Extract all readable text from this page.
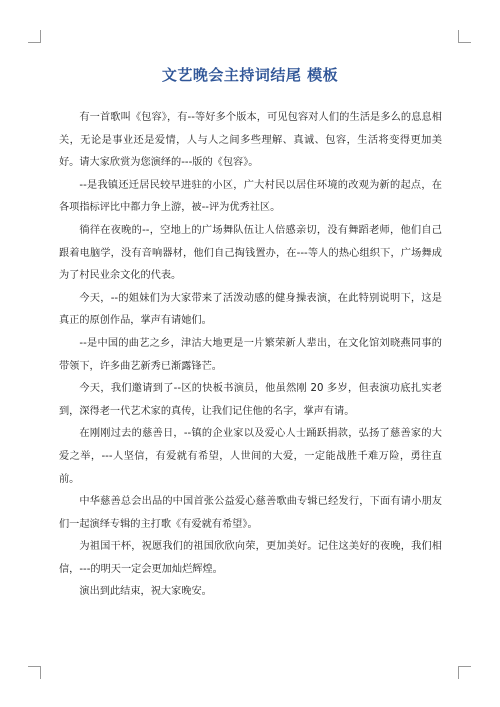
文艺晚会主持词结尾 模板

有一首歌叫《包容》，有--等好多个版本，可见包容对人们的生活是多么的息息相关，无论是事业还是爱情，人与人之间多些理解、真诚、包容，生活将变得更加美好。请大家欣赏为您演绎的---版的《包容》。

--是我镇还迁居民较早进驻的小区，广大村民以居住环境的改观为新的起点，在各项指标评比中都力争上游，被--评为优秀社区。

徜徉在夜晚的--，空地上的广场舞队伍让人倍感亲切，没有舞蹈老师，他们自己跟着电脑学，没有音响器材，他们自己掏钱置办，在---等人的热心组织下，广场舞成为了村民业余文化的代表。

今天，--的姐妹们为大家带来了活泼动感的健身操表演，在此特别说明下，这是真正的原创作品，掌声有请她们。

--是中国的曲艺之乡，津沽大地更是一片繁荣新人辈出，在文化馆刘晓燕同事的带领下，许多曲艺新秀已渐露锋芒。

今天，我们邀请到了--区的快板书演员，他虽然刚 20 多岁，但表演功底扎实老到，深得老一代艺术家的真传，让我们记住他的名字，掌声有请。

在刚刚过去的慈善日，--镇的企业家以及爱心人士踊跃捐款，弘扬了慈善家的大爱之举，---人坚信，有爱就有希望，人世间的大爱，一定能战胜千难万险，勇往直前。

中华慈善总会出品的中国首张公益爱心慈善歌曲专辑已经发行，下面有请小朋友们一起演绎专辑的主打歌《有爱就有希望》。

为祖国干杯，祝愿我们的祖国欣欣向荣，更加美好。记住这美好的夜晚，我们相信，---的明天一定会更加灿烂辉煌。

演出到此结束，祝大家晚安。
